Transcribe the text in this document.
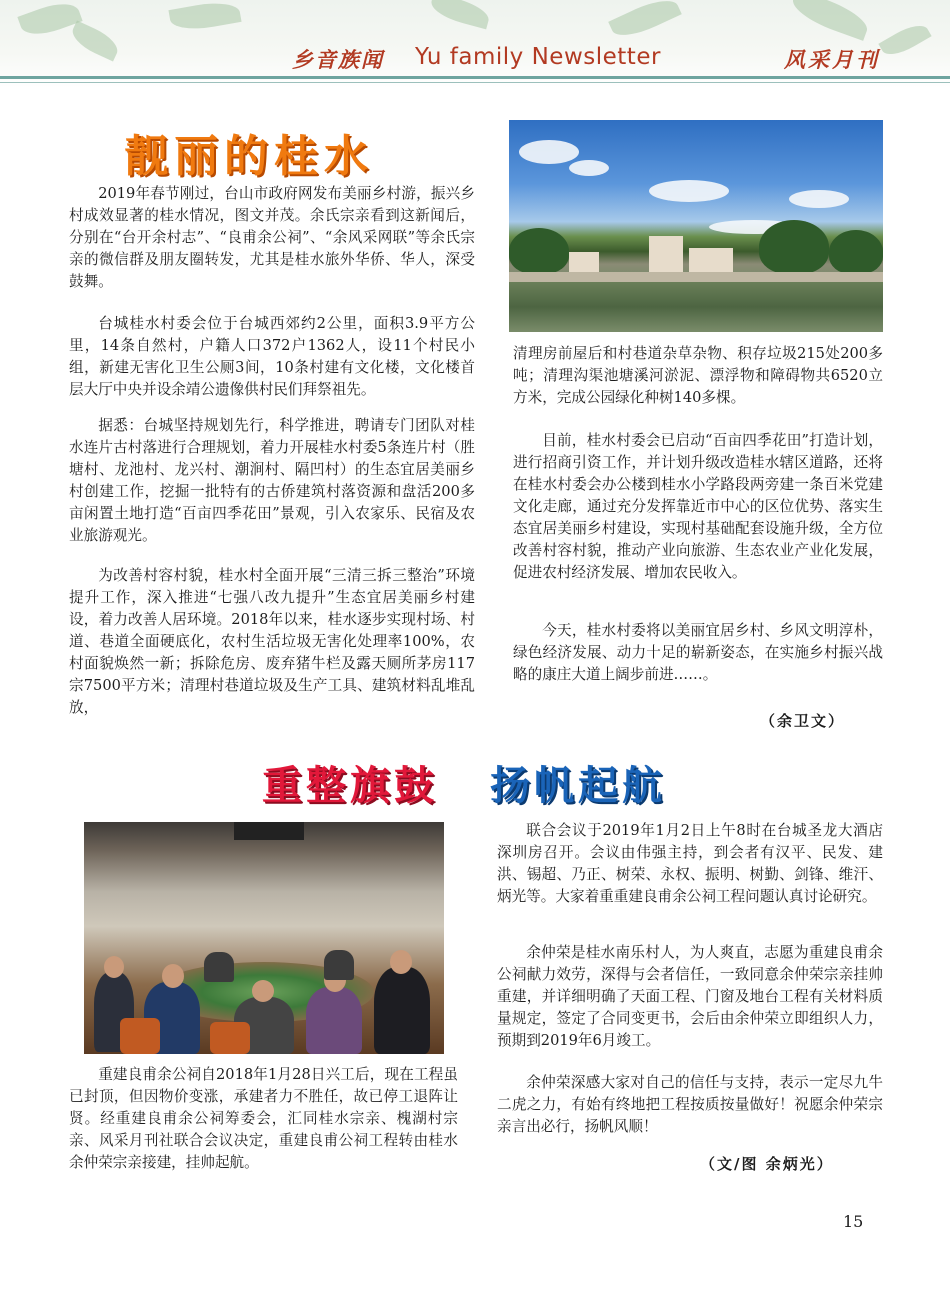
乡音族闻 Yu family Newsletter	风采月刊
靓丽的桂水

2019年春节刚过，台山市政府网发布美丽乡村游，振兴乡村成效显著的桂水情况，图文并茂。余氏宗亲看到这新闻后，分别在“台开余村志”、“良甫余公祠”、“余风采网联”等余氏宗亲的微信群及朋友圈转发，尤其是桂水旅外华侨、华人，深受鼓舞。

台城桂水村委会位于台城西郊约2公里，面积3.9平方公里，14条自然村，户籍人口372户1362人，设11个村民小组，新建无害化卫生公厕3间，10条村建有文化楼，文化楼首层大厅中央并设余靖公遗像供村民们拜祭祖先。

据悉：台城坚持规划先行，科学推进，聘请专门团队对桂水连片古村落进行合理规划，着力开展桂水村委5条连片村（胜塘村、龙池村、龙兴村、潮涧村、隔凹村）的生态宜居美丽乡村创建工作，挖掘一批特有的古侨建筑村落资源和盘活200多亩闲置土地打造“百亩四季花田”景观，引入农家乐、民宿及农业旅游观光。

为改善村容村貌，桂水村全面开展“三清三拆三整治”环境提升工作，深入推进“七强八改九提升”生态宜居美丽乡村建设，着力改善人居环境。2018年以来，桂水逐步实现村场、村道、巷道全面硬底化，农村生活垃圾无害化处理率100%，农村面貌焕然一新；拆除危房、废弃猪牛栏及露天厕所茅房117宗7500平方米；清理村巷道垃圾及生产工具、建筑材料乱堆乱放，

清理房前屋后和村巷道杂草杂物、积存垃圾215处200多吨；清理沟渠池塘溪河淤泥、漂浮物和障碍物共6520立方米，完成公园绿化种树140多棵。

目前，桂水村委会已启动“百亩四季花田”打造计划，进行招商引资工作，并计划升级改造桂水辖区道路，还将在桂水村委会办公楼到桂水小学路段两旁建一条百米党建文化走廊，通过充分发挥靠近市中心的区位优势、落实生态宜居美丽乡村建设，实现村基础配套设施升级，全方位改善村容村貌，推动产业向旅游、生态农业产业化发展，促进农村经济发展、增加农民收入。

今天，桂水村委将以美丽宜居乡村、乡风文明淳朴，绿色经济发展、动力十足的崭新姿态，在实施乡村振兴战略的康庄大道上阔步前进……。

（余卫文）
重整旗鼓 扬帆起航

重建良甫余公祠自2018年1月28日兴工后，现在工程虽已封顶，但因物价变涨，承建者力不胜任，故已停工退阵让贤。经重建良甫余公祠筹委会，汇同桂水宗亲、槐湖村宗亲、风采月刊社联合会议决定，重建良甫公祠工程转由桂水余仲荣宗亲接建，挂帅起航。

联合会议于2019年1月2日上午8时在台城圣龙大酒店深圳房召开。会议由伟强主持，到会者有汉平、民发、建洪、锡超、乃正、树荣、永权、振明、树勤、剑锋、维汗、炳光等。大家着重重建良甫余公祠工程问题认真讨论研究。

余仲荣是桂水南乐村人，为人爽直，志愿为重建良甫余公祠献力效劳，深得与会者信任，一致同意余仲荣宗亲挂帅重建，并详细明确了天面工程、门窗及地台工程有关材料质量规定，签定了合同变更书，会后由余仲荣立即组织人力，预期到2019年6月竣工。

余仲荣深感大家对自己的信任与支持，表示一定尽九牛二虎之力，有始有终地把工程按质按量做好！祝愿余仲荣宗亲言出必行，扬帆风顺！

（文/图 余炳光）
15
